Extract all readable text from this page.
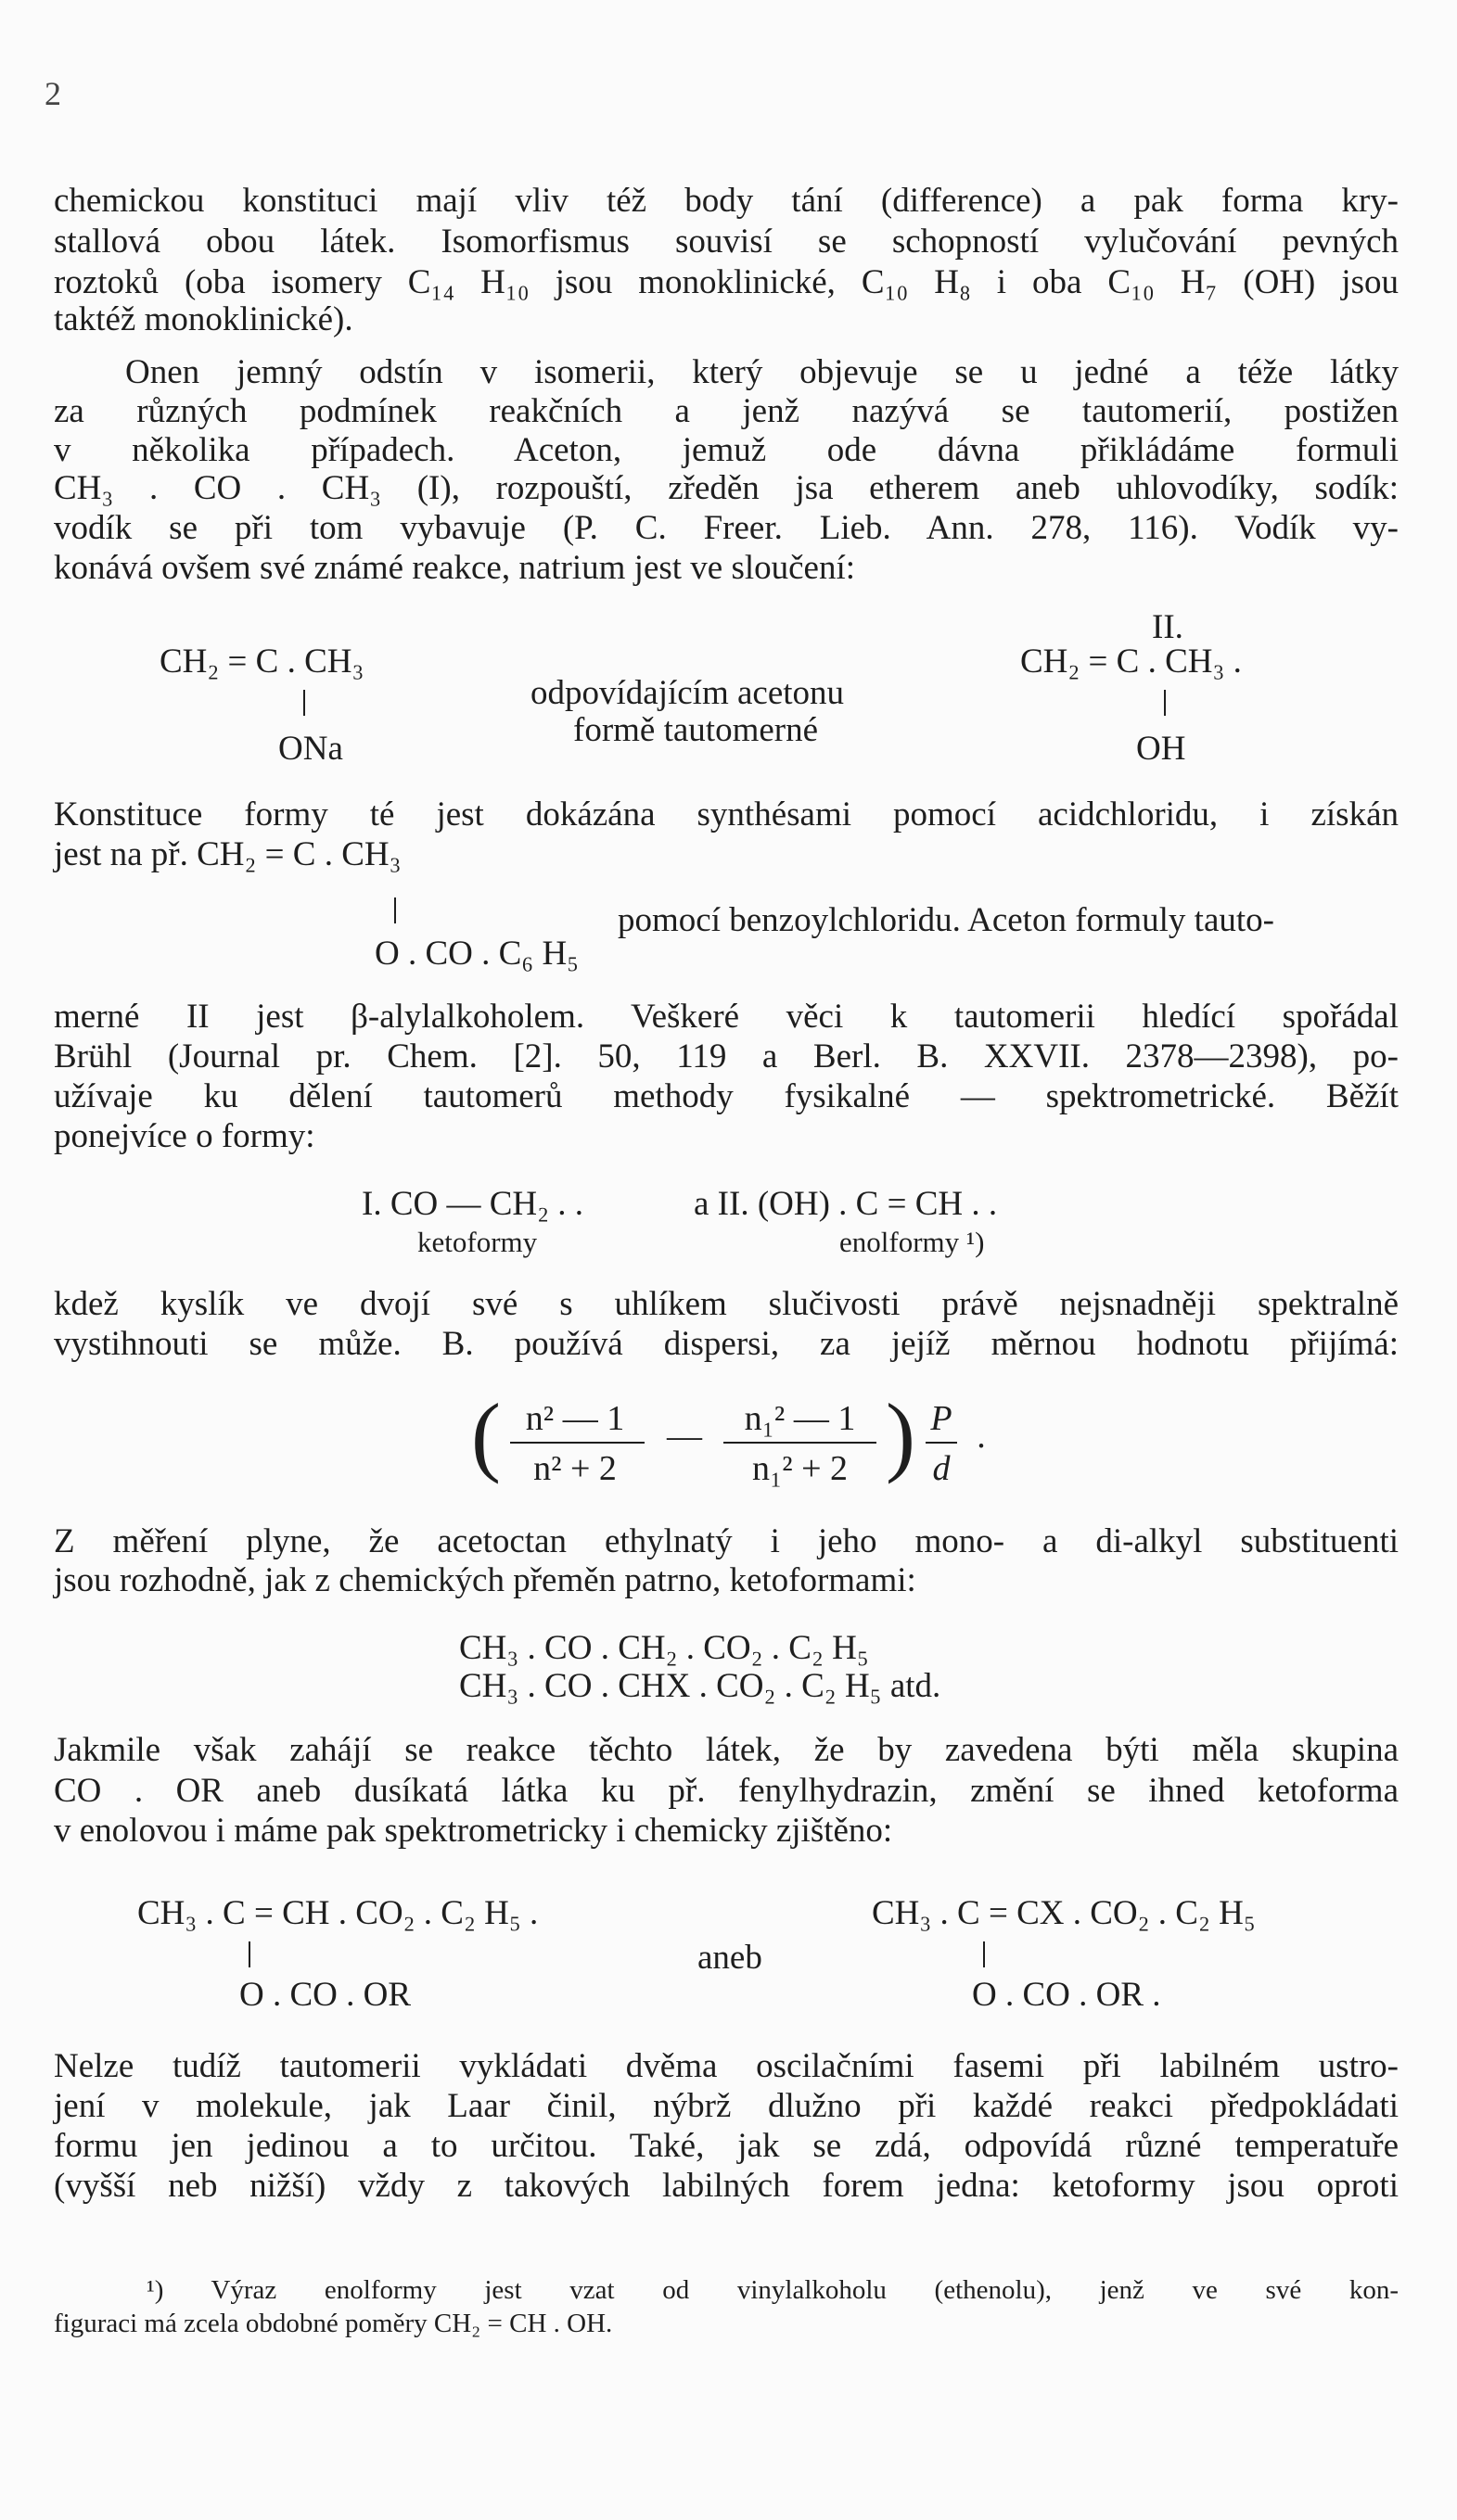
2
chemickou konstituci mají vliv též body tání (difference) a pak forma kry-
stallová obou látek. Isomorfismus souvisí se schopností vylučování pevných
roztoků (oba isomery C₁₄ H₁₀ jsou monoklinické, C₁₀ H₈ i oba C₁₀ H₇ (OH) jsou
taktéž monoklinické).
Onen jemný odstín v isomerii, který objevuje se u jedné a téže látky
za různých podmínek reakčních a jenž nazývá se tautomerií, postižen
v několika případech. Aceton, jemuž ode dávna přikládáme formuli
CH₃ . CO . CH₃ (I), rozpouští, zředěn jsa etherem aneb uhlovodíky, sodík:
vodík se při tom vybavuje (P. C. Freer. Lieb. Ann. 278, 116). Vodík vy-
konává ovšem své známé reakce, natrium jest ve sloučení:
CH₂ = C . CH₃
ONa
odpovídajícím acetonu
formě tautomerné
II.
CH₂ = C . CH₃ .
OH
Konstituce formy té jest dokázána synthésami pomocí acidchloridu, i získán
jest na př. CH₂ = C . CH₃
O . CO . C₆ H₅
pomocí benzoylchloridu. Aceton formuly tauto-
merné II jest β-alylalkoholem. Veškeré věci k tautomerii hledící spořádal
Brühl (Journal pr. Chem. [2]. 50, 119 a Berl. B. XXVII. 2378—2398), po-
užívaje ku dělení tautomerů methody fysikalné — spektrometrické. Běžít
ponejvíce o formy:
I. CO — CH₂ . .
ketoformy
a II. (OH) . C = CH . .
enolformy ¹)
kdež kyslík ve dvojí své s uhlíkem slučivosti právě nejsnadněji spektralně
vystihnouti se může. B. používá dispersi, za jejíž měrnou hodnotu přijímá:
( n² — 1
n² + 2
—	n₁² — 1
n₁² + 2 ) P
d
.
Z měření plyne, že acetoctan ethylnatý i jeho mono- a di-alkyl substituenti
jsou rozhodně, jak z chemických přeměn patrno, ketoformami:
CH₃ . CO . CH₂ . CO₂ . C₂ H₅
CH₃ . CO . CHX . CO₂ . C₂ H₅ atd.
Jakmile však zahájí se reakce těchto látek, že by zavedena býti měla skupina
CO . OR aneb dusíkatá látka ku př. fenylhydrazin, změní se ihned ketoforma
v enolovou i máme pak spektrometricky i chemicky zjištěno:
CH₃ . C = CH . CO₂ . C₂ H₅ .
O . CO . OR
aneb
CH₃ . C = CX . CO₂ . C₂ H₅
O . CO . OR .
Nelze tudíž tautomerii vykládati dvěma oscilačními fasemi při labilném ustro-
jení v molekule, jak Laar činil, nýbrž dlužno při každé reakci předpokládati
formu jen jedinou a to určitou. Také, jak se zdá, odpovídá různé temperatuře
(vyšší neb nižší) vždy z takových labilných forem jedna: ketoformy jsou oproti
¹) Výraz enolformy jest vzat od vinylalkoholu (ethenolu), jenž ve své kon-
figuraci má zcela obdobné poměry CH₂ = CH . OH.
